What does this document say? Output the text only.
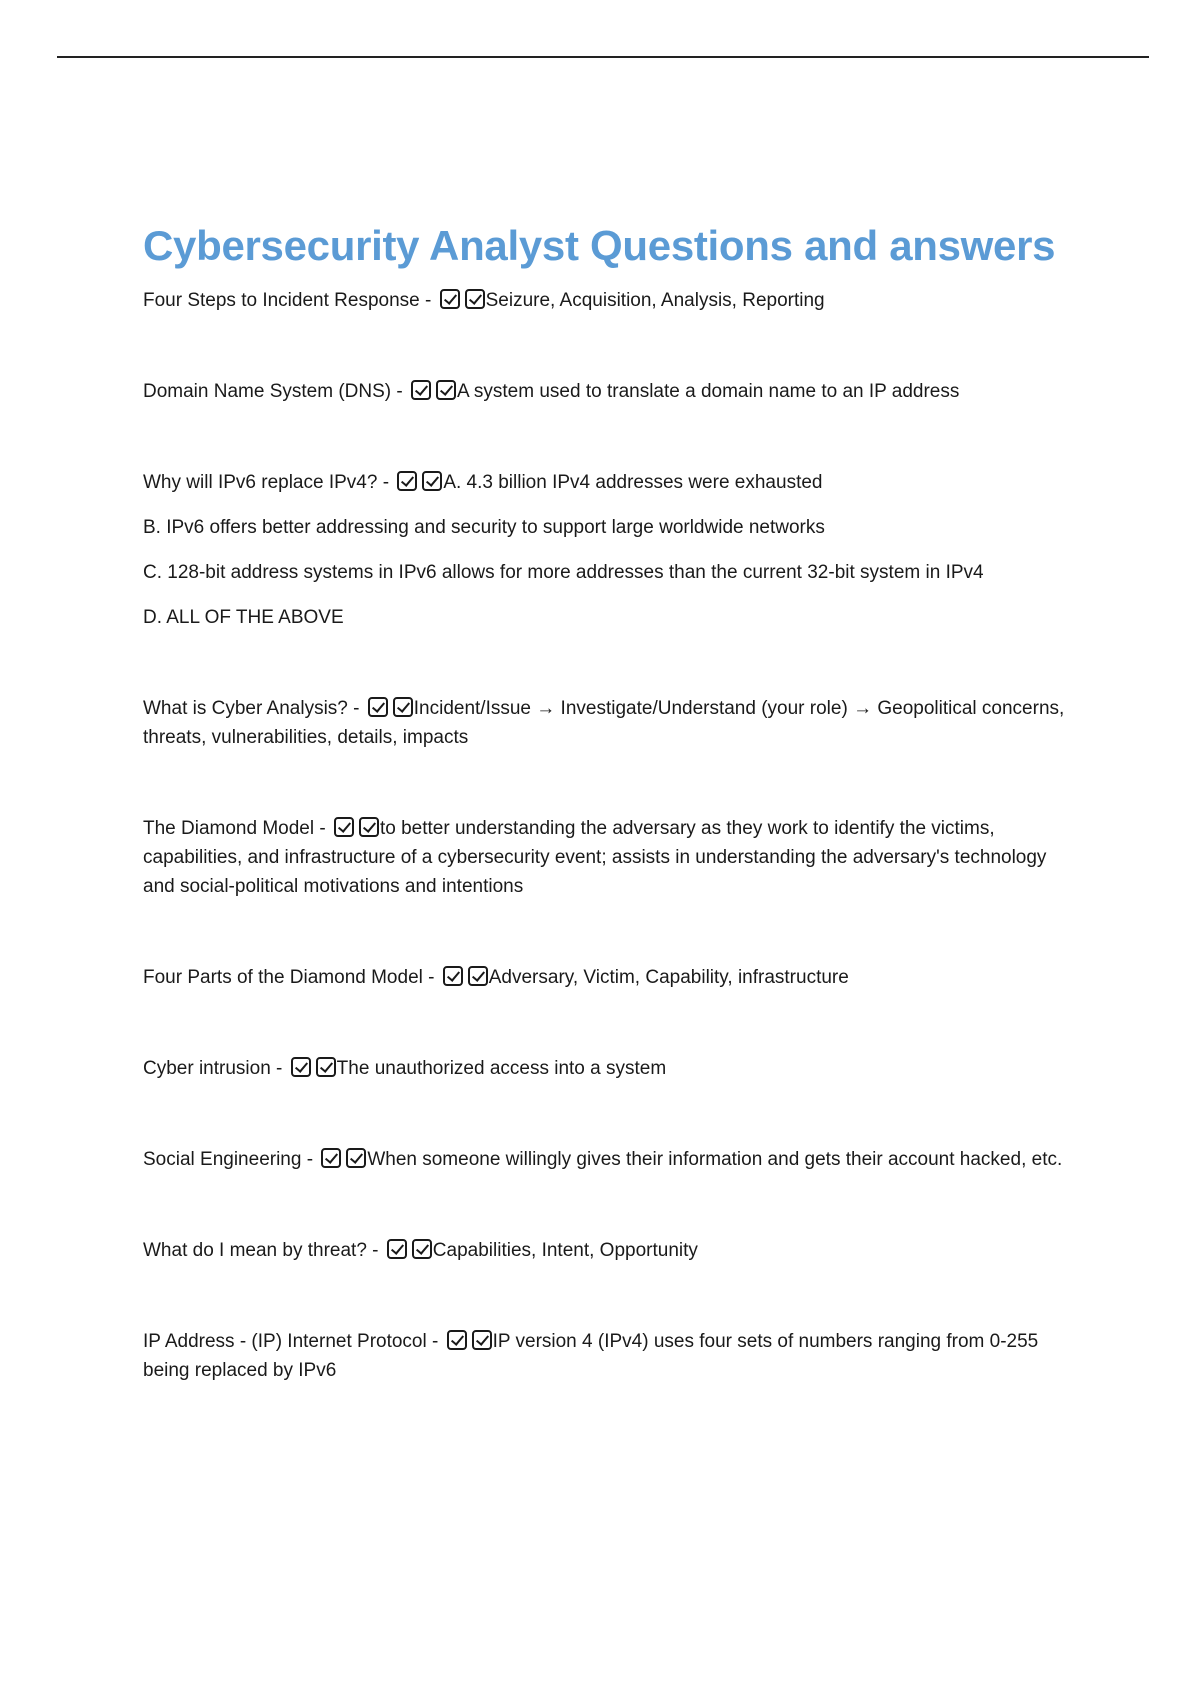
Cybersecurity Analyst Questions and answers
Four Steps to Incident Response -	Seizure, Acquisition, Analysis, Reporting
Domain Name System (DNS) -	A system used to translate a domain name to an IP address
Why will IPv6 replace IPv4? -	A. 4.3 billion IPv4 addresses were exhausted
B. IPv6 offers better addressing and security to support large worldwide networks
C. 128-bit address systems in IPv6 allows for more addresses than the current 32-bit system in IPv4
D. ALL OF THE ABOVE
What is Cyber Analysis? -	Incident/Issue → Investigate/Understand (your role) → Geopolitical concerns, threats, vulnerabilities, details, impacts
The Diamond Model -	to better understanding the adversary as they work to identify the victims, capabilities, and infrastructure of a cybersecurity event; assists in understanding the adversary's technology and social-political motivations and intentions
Four Parts of the Diamond Model -	Adversary, Victim, Capability, infrastructure
Cyber intrusion -	The unauthorized access into a system
Social Engineering -	When someone willingly gives their information and gets their account hacked, etc.
What do I mean by threat? -	Capabilities, Intent, Opportunity
IP Address - (IP) Internet Protocol -	IP version 4 (IPv4) uses four sets of numbers ranging from 0-255 being replaced by IPv6
